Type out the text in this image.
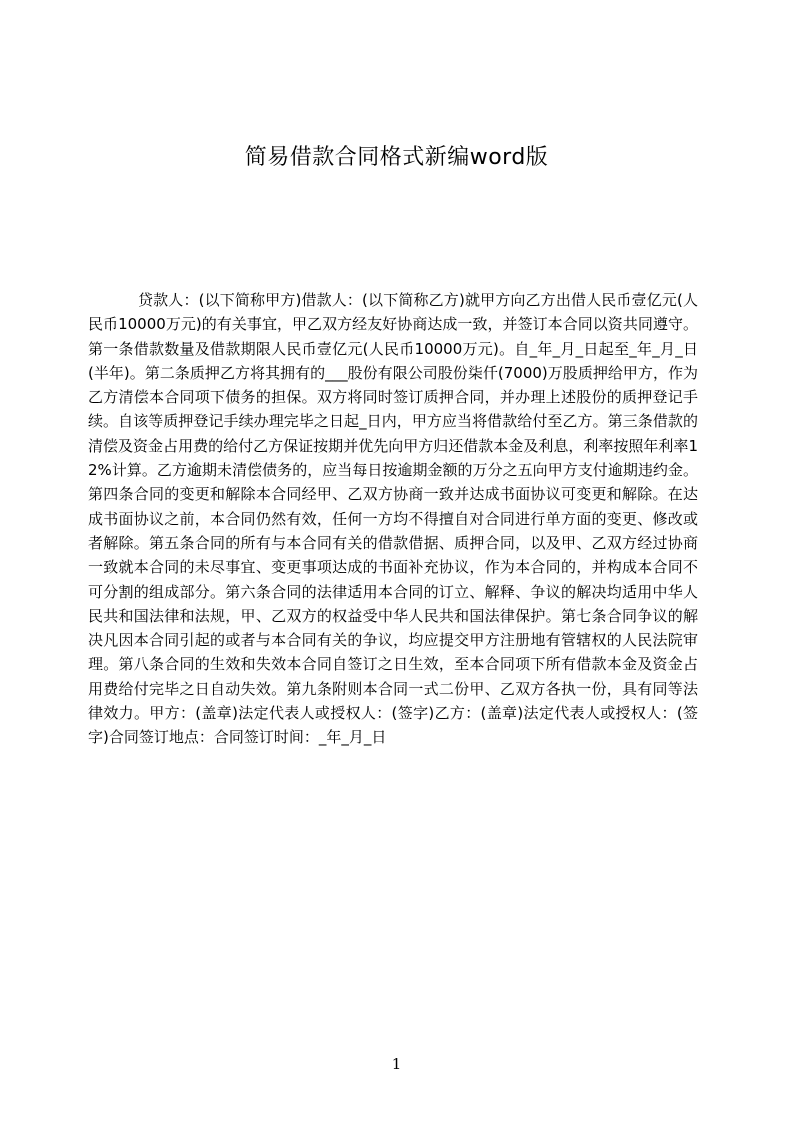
简易借款合同格式新编word版

贷款人：(以下简称甲方)借款人：(以下简称乙方)就甲方向乙方出借人民币壹亿元(人民币10000万元)的有关事宜，甲乙双方经友好协商达成一致，并签订本合同以资共同遵守。第一条借款数量及借款期限人民币壹亿元(人民币10000万元)。自_年_月_日起至_年_月_日(半年)。第二条质押乙方将其拥有的___股份有限公司股份柒仟(7000)万股质押给甲方，作为乙方清偿本合同项下债务的担保。双方将同时签订质押合同，并办理上述股份的质押登记手续。自该等质押登记手续办理完毕之日起_日内，甲方应当将借款给付至乙方。第三条借款的清偿及资金占用费的给付乙方保证按期并优先向甲方归还借款本金及利息，利率按照年利率12%计算。乙方逾期未清偿债务的，应当每日按逾期金额的万分之五向甲方支付逾期违约金。第四条合同的变更和解除本合同经甲、乙双方协商一致并达成书面协议可变更和解除。在达成书面协议之前，本合同仍然有效，任何一方均不得擅自对合同进行单方面的变更、修改或者解除。第五条合同的所有与本合同有关的借款借据、质押合同，以及甲、乙双方经过协商一致就本合同的未尽事宜、变更事项达成的书面补充协议，作为本合同的，并构成本合同不可分割的组成部分。第六条合同的法律适用本合同的订立、解释、争议的解决均适用中华人民共和国法律和法规，甲、乙双方的权益受中华人民共和国法律保护。第七条合同争议的解决凡因本合同引起的或者与本合同有关的争议，均应提交甲方注册地有管辖权的人民法院审理。第八条合同的生效和失效本合同自签订之日生效，至本合同项下所有借款本金及资金占用费给付完毕之日自动失效。第九条附则本合同一式二份甲、乙双方各执一份，具有同等法律效力。甲方：(盖章)法定代表人或授权人：(签字)乙方：(盖章)法定代表人或授权人：(签字)合同签订地点：合同签订时间：_年_月_日

1
